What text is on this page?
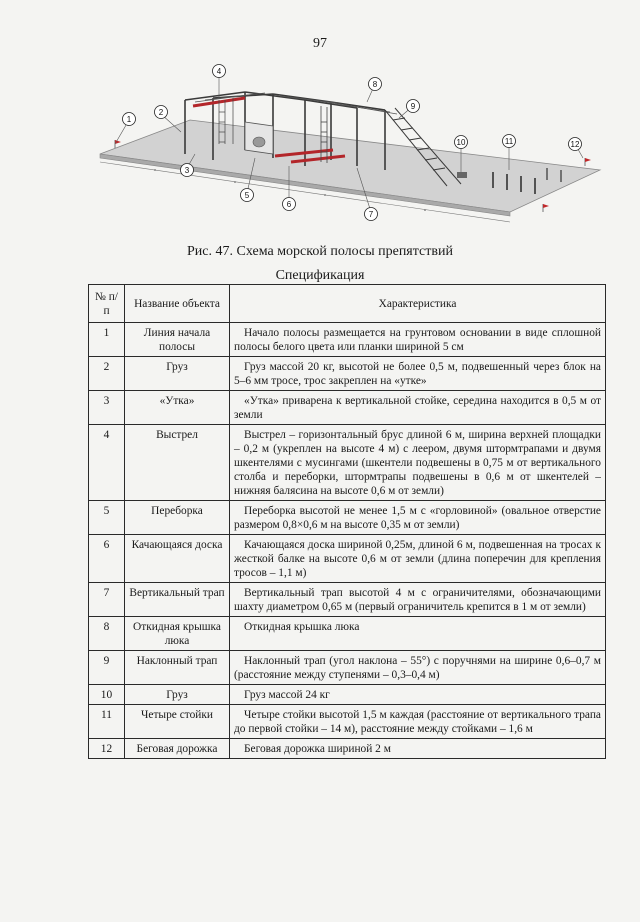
97
1
2
3
4
5
6
7
8
9
10	11	12
Рис. 47. Схема морской полосы препятствий
Спецификация
№ п/п	Название объекта	Характеристика
1	Линия начала полосы	Начало полосы размещается на грунтовом основании в виде сплошной полосы белого цвета или планки шириной 5 см
2	Груз	Груз массой 20 кг, высотой не более 0,5 м, подвешенный через блок на 5–6 мм тросе, трос закреплен на «утке»
3	«Утка»	«Утка» приварена к вертикальной стойке, середина находится в 0,5 м от земли
4	Выстрел	Выстрел – горизонтальный брус длиной 6 м, ширина верхней площадки – 0,2 м (укреплен на высоте 4 м) с леером, двумя штормтрапами и двумя шкентелями с мусингами (шкентели подвешены в 0,75 м от вертикального столба и переборки, штормтрапы подвешены в 0,6 м от шкентелей – нижняя балясина на высоте 0,6 м от земли)
5	Переборка	Переборка высотой не менее 1,5 м с «горловиной» (овальное отверстие размером 0,8×0,6 м на высоте 0,35 м от земли)
6	Качающаяся доска	Качающаяся доска шириной 0,25м, длиной 6 м, подвешенная на тросах к жесткой балке на высоте 0,6 м от земли (длина поперечин для крепления тросов – 1,1 м)
7	Вертикальный трап	Вертикальный трап высотой 4 м с ограничителями, обозначающими шахту диаметром 0,65 м (первый ограничитель крепится в 1 м от земли)
8	Откидная крышка люка	Откидная крышка люка
9	Наклонный трап	Наклонный трап (угол наклона – 55°) с поручнями на ширине 0,6–0,7 м (расстояние между ступенями – 0,3–0,4 м)
10	Груз	Груз массой 24 кг
11	Четыре стойки	Четыре стойки высотой 1,5 м каждая (расстояние от вертикального трапа до первой стойки – 14 м), расстояние между стойками – 1,6 м
12	Беговая дорожка	Беговая дорожка шириной 2 м
